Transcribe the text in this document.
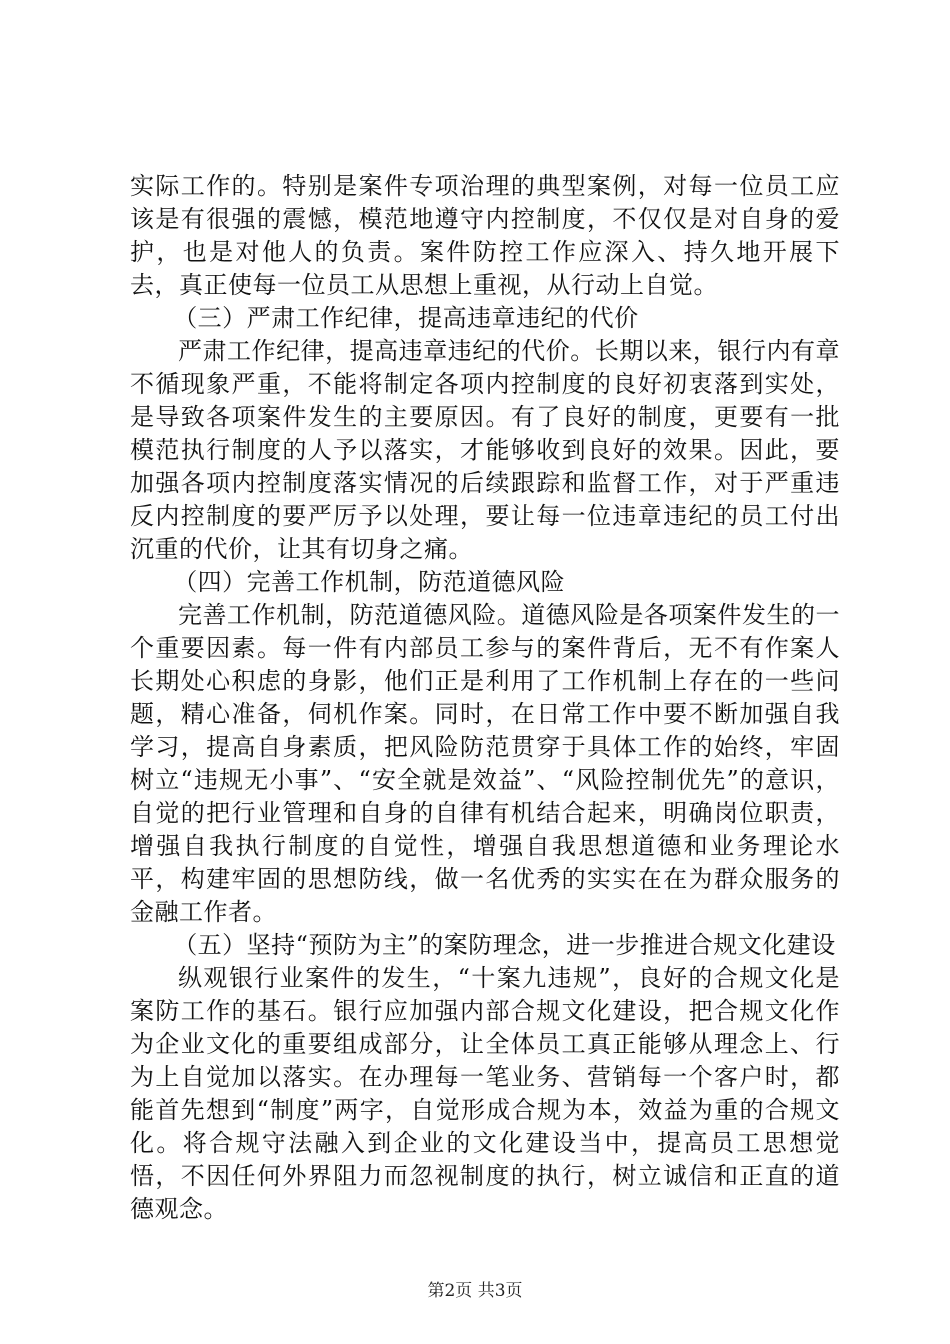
实际工作的。特别是案件专项治理的典型案例，对每一位员工应该是有很强的震憾，模范地遵守内控制度，不仅仅是对自身的爱护，也是对他人的负责。案件防控工作应深入、持久地开展下去，真正使每一位员工从思想上重视，从行动上自觉。

（三）严肃工作纪律，提高违章违纪的代价

严肃工作纪律，提高违章违纪的代价。长期以来，银行内有章不循现象严重，不能将制定各项内控制度的良好初衷落到实处，是导致各项案件发生的主要原因。有了良好的制度，更要有一批模范执行制度的人予以落实，才能够收到良好的效果。因此，要加强各项内控制度落实情况的后续跟踪和监督工作，对于严重违反内控制度的要严厉予以处理，要让每一位违章违纪的员工付出沉重的代价，让其有切身之痛。

（四）完善工作机制，防范道德风险

完善工作机制，防范道德风险。道德风险是各项案件发生的一个重要因素。每一件有内部员工参与的案件背后，无不有作案人长期处心积虑的身影，他们正是利用了工作机制上存在的一些问题，精心准备，伺机作案。同时，在日常工作中要不断加强自我学习，提高自身素质，把风险防范贯穿于具体工作的始终，牢固树立“违规无小事”、“安全就是效益”、“风险控制优先”的意识，自觉的把行业管理和自身的自律有机结合起来，明确岗位职责，增强自我执行制度的自觉性，增强自我思想道德和业务理论水平，构建牢固的思想防线，做一名优秀的实实在在为群众服务的金融工作者。

（五）坚持“预防为主”的案防理念，进一步推进合规文化建设

纵观银行业案件的发生，“十案九违规”，良好的合规文化是案防工作的基石。银行应加强内部合规文化建设，把合规文化作为企业文化的重要组成部分，让全体员工真正能够从理念上、行为上自觉加以落实。在办理每一笔业务、营销每一个客户时，都能首先想到“制度”两字，自觉形成合规为本，效益为重的合规文化。将合规守法融入到企业的文化建设当中，提高员工思想觉悟，不因任何外界阻力而忽视制度的执行，树立诚信和正直的道德观念。

第2页 共3页
